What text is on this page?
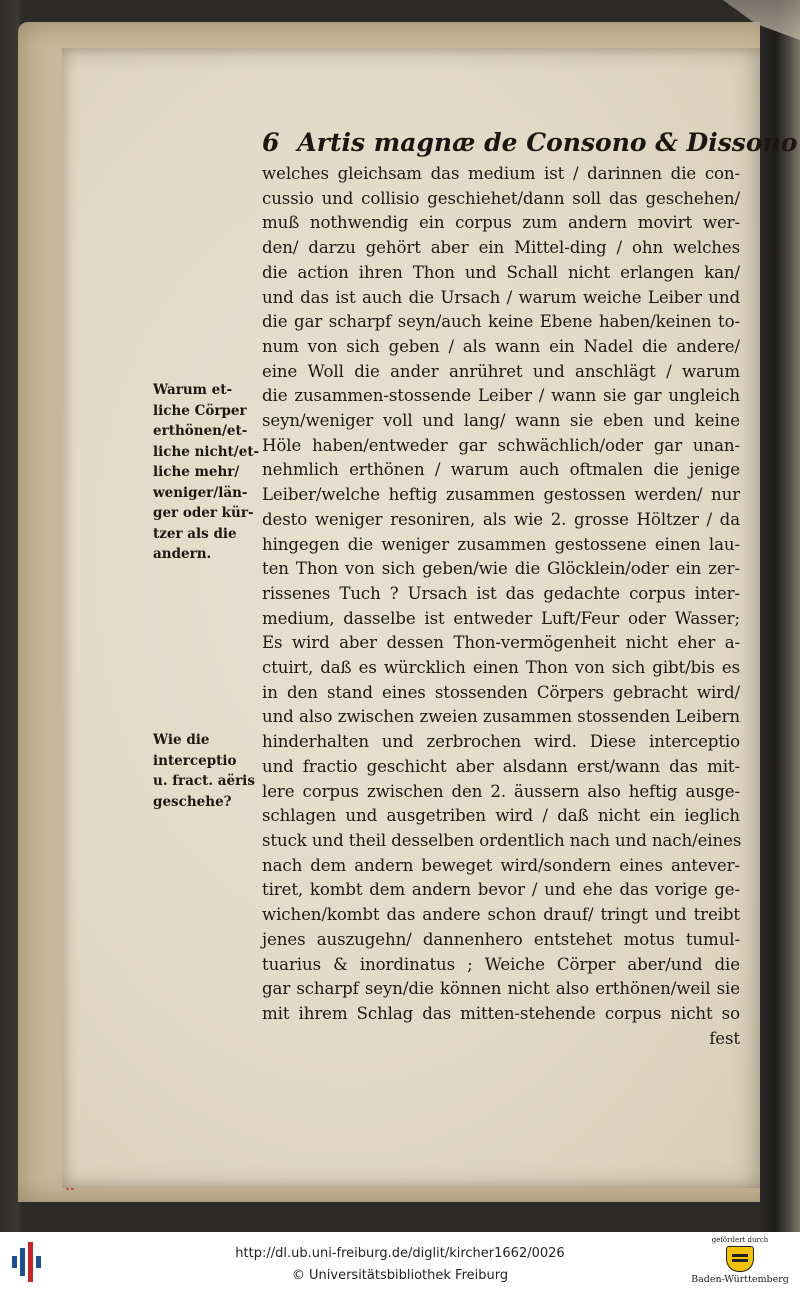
6 Artis magnæ de Consono & Dissono
welches gleichsam das medium ist / darinnen die con-
cussio und collisio geschiehet/dann soll das geschehen/
muß nothwendig ein corpus zum andern movirt wer-
den/ darzu gehört aber ein Mittel-ding / ohn welches
die action ihren Thon und Schall nicht erlangen kan/
und das ist auch die Ursach / warum weiche Leiber und
die gar scharpf seyn/auch keine Ebene haben/keinen to-
num von sich geben / als wann ein Nadel die andere/
eine Woll die ander anrühret und anschlägt / warum
die zusammen-stossende Leiber / wann sie gar ungleich
seyn/weniger voll und lang/ wann sie eben und keine
Höle haben/entweder gar schwächlich/oder gar unan-
nehmlich erthönen / warum auch oftmalen die jenige
Leiber/welche heftig zusammen gestossen werden/ nur
desto weniger resoniren, als wie 2. grosse Höltzer / da
hingegen die weniger zusammen gestossene einen lau-
ten Thon von sich geben/wie die Glöcklein/oder ein zer-
rissenes Tuch ? Ursach ist das gedachte corpus inter-
medium, dasselbe ist entweder Luft/Feur oder Wasser;
Es wird aber dessen Thon-vermögenheit nicht eher a-
ctuirt, daß es würcklich einen Thon von sich gibt/bis es
in den stand eines stossenden Cörpers gebracht wird/
und also zwischen zweien zusammen stossenden Leibern
hinderhalten und zerbrochen wird. Diese interceptio
und fractio geschicht aber alsdann erst/wann das mit-
lere corpus zwischen den 2. äussern also heftig ausge-
schlagen und ausgetriben wird / daß nicht ein ieglich
stuck und theil desselben ordentlich nach und nach/eines
nach dem andern beweget wird/sondern eines antever-
tiret, kombt dem andern bevor / und ehe das vorige ge-
wichen/kombt das andere schon drauf/ tringt und treibt
jenes auszugehn/ dannenhero entstehet motus tumul-
tuarius & inordinatus ; Weiche Cörper aber/und die
gar scharpf seyn/die können nicht also erthönen/weil sie
mit ihrem Schlag das mitten-stehende corpus nicht so
fest
Warum et-
liche Cörper
erthönen/et-
liche nicht/et-
liche mehr/
weniger/län-
ger oder kür-
tzer als die
andern.
Wie die
interceptio
u. fract. aëris
geschehe?
http://dl.ub.uni-freiburg.de/diglit/kircher1662/0026
© Universitätsbibliothek Freiburg
gefördert durch
Baden-Württemberg
